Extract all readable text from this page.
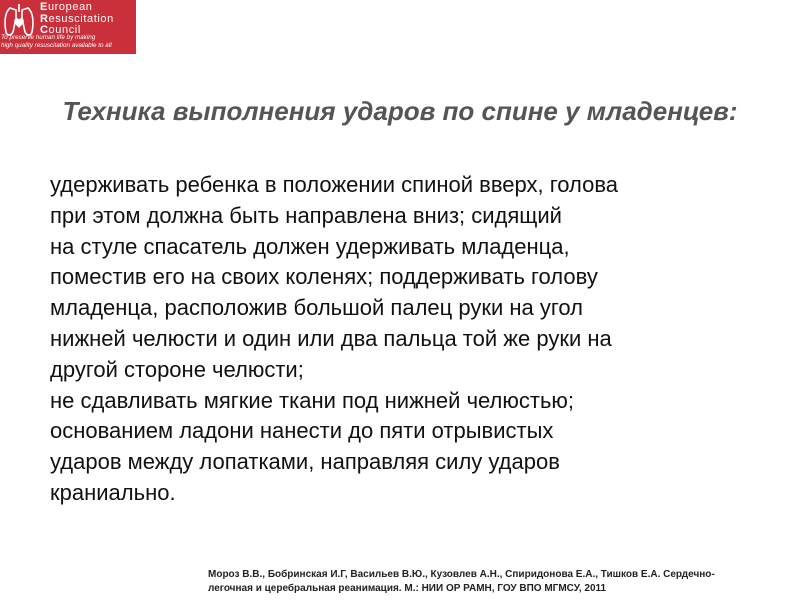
European
Resuscitation
Council
To preserve human life by making
high quality resuscitation available to all
Техника выполнения ударов по спине у младенцев:
удерживать ребенка в положении спиной вверх, голова
при этом должна быть направлена вниз; сидящий
на стуле спасатель должен удерживать младенца,
поместив его на своих коленях; поддерживать голову
младенца, расположив большой палец руки на угол
нижней челюсти и один или два пальца той же руки на
другой стороне челюсти;
не сдавливать мягкие ткани под нижней челюстью;
основанием ладони нанести до пяти отрывистых
ударов между лопатками, направляя силу ударов
краниально.
Мороз В.В., Бобринская И.Г, Васильев В.Ю., Кузовлев А.Н., Спиридонова Е.А., Тишков Е.А. Сердечно-
легочная и церебральная реанимация. М.: НИИ ОР РАМН, ГОУ ВПО МГМСУ, 2011
